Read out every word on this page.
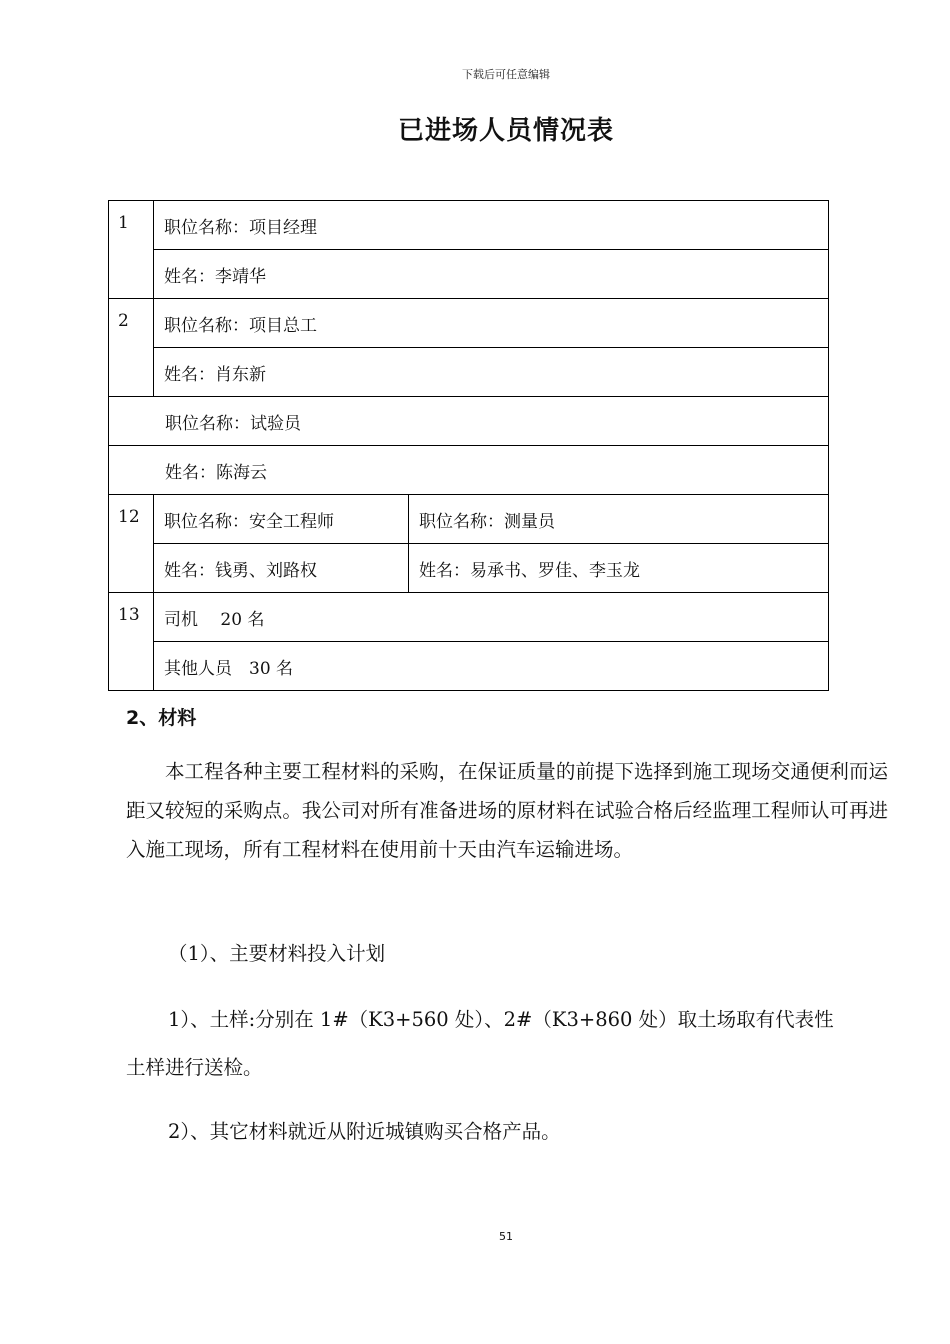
下载后可任意编辑
已进场人员情况表
1	职位名称：项目经理	
	姓名：李靖华	
2	职位名称：项目总工	
	姓名：肖东新	
职位名称：试验员		
姓名：陈海云		
12	职位名称：安全工程师	职位名称：测量员
	姓名：钱勇、刘路权	姓名：易承书、罗佳、李玉龙
13	司机　 20 名	
	其他人员　30 名	
2、材料
本工程各种主要工程材料的采购，在保证质量的前提下选择到施工现场交通便利而运距又较短的采购点。我公司对所有准备进场的原材料在试验合格后经监理工程师认可再进入施工现场，所有工程材料在使用前十天由汽车运输进场。
（1）、主要材料投入计划
1）、土样:分别在 1#（K3+560 处）、2#（K3+860 处）取土场取有代表性
土样进行送检。
2）、其它材料就近从附近城镇购买合格产品。
51
